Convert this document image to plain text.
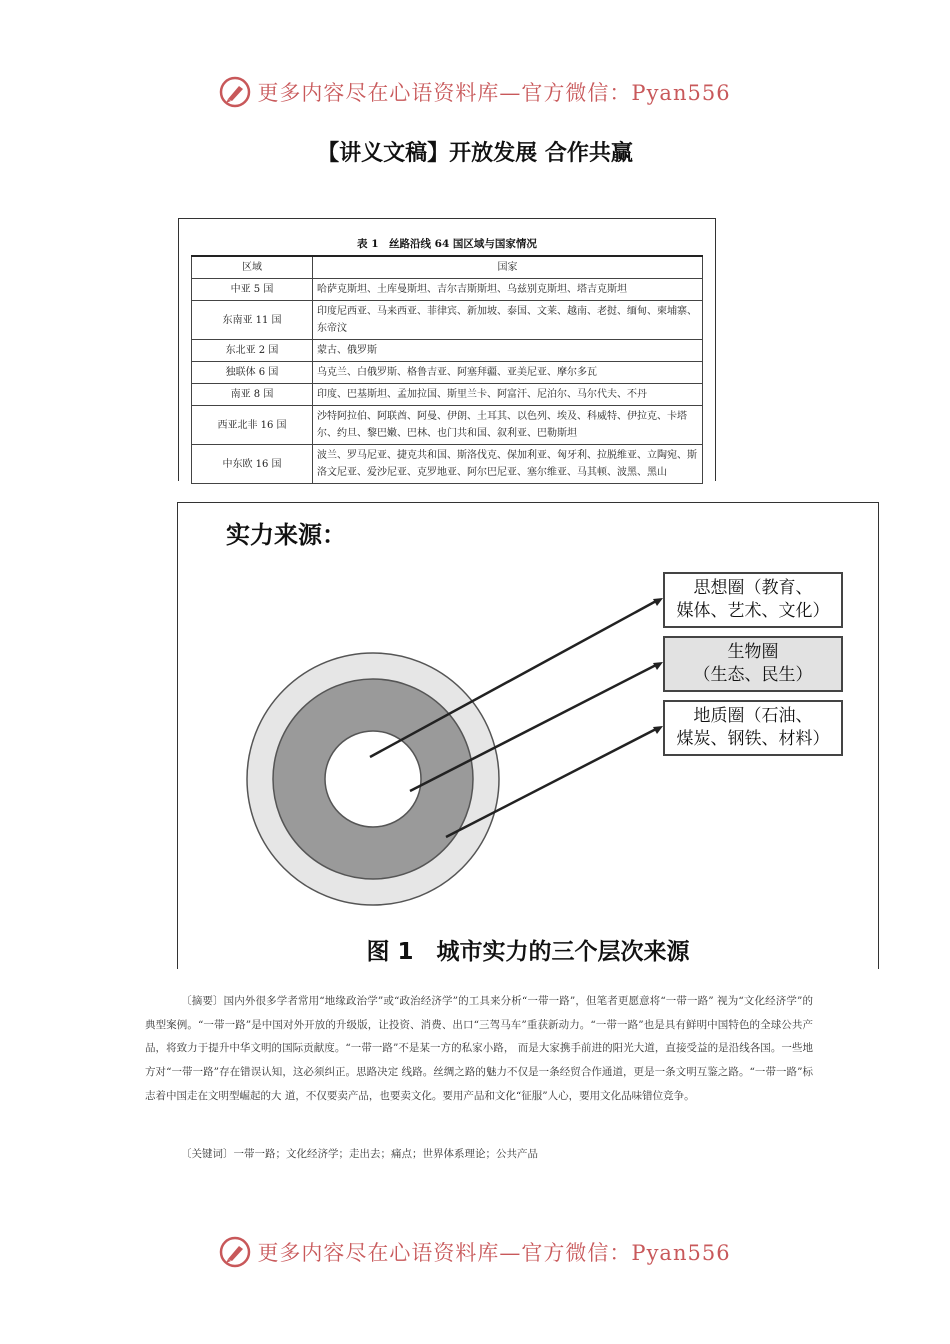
更多内容尽在心语资料库—官方微信：Pyan556
【讲义文稿】开放发展 合作共赢
表 1　丝路沿线 64 国区域与国家情况
区域	国家
中亚 5 国	哈萨克斯坦、土库曼斯坦、吉尔吉斯斯坦、乌兹别克斯坦、塔吉克斯坦
东南亚 11 国	印度尼西亚、马来西亚、菲律宾、新加坡、泰国、文莱、越南、老挝、缅甸、柬埔寨、东帝汶
东北亚 2 国	蒙古、俄罗斯
独联体 6 国	乌克兰、白俄罗斯、格鲁吉亚、阿塞拜疆、亚美尼亚、摩尔多瓦
南亚 8 国	印度、巴基斯坦、孟加拉国、斯里兰卡、阿富汗、尼泊尔、马尔代夫、不丹
西亚北非 16 国	沙特阿拉伯、阿联酋、阿曼、伊朗、土耳其、以色列、埃及、科威特、伊拉克、卡塔尔、约旦、黎巴嫩、巴林、也门共和国、叙利亚、巴勒斯坦
中东欧 16 国	波兰、罗马尼亚、捷克共和国、斯洛伐克、保加利亚、匈牙利、拉脱维亚、立陶宛、斯洛文尼亚、爱沙尼亚、克罗地亚、阿尔巴尼亚、塞尔维亚、马其顿、波黑、黑山
实力来源：
思想圈（教育、
媒体、艺术、文化）
生物圈
（生态、民生）
地质圈（石油、
煤炭、钢铁、材料）
图 1　城市实力的三个层次来源
〔摘要〕国内外很多学者常用“地缘政治学”或“政治经济学”的工具来分析“一带一路”，但笔者更愿意将“一带一路” 视为“文化经济学”的典型案例。“一带一路”是中国对外开放的升级版，让投资、消费、出口“三驾马车”重获新动力。“一带一路”也是具有鲜明中国特色的全球公共产品，将致力于提升中华文明的国际贡献度。“一带一路”不是某一方的私家小路， 而是大家携手前进的阳光大道，直接受益的是沿线各国。一些地方对“一带一路”存在错误认知，这必须纠正。思路决定 线路。丝绸之路的魅力不仅是一条经贸合作通道，更是一条文明互鉴之路。“一带一路”标志着中国走在文明型崛起的大 道，不仅要卖产品，也要卖文化。要用产品和文化“征服”人心，要用文化品味错位竞争。
〔关键词〕一带一路；文化经济学；走出去；痛点；世界体系理论；公共产品
更多内容尽在心语资料库—官方微信：Pyan556
